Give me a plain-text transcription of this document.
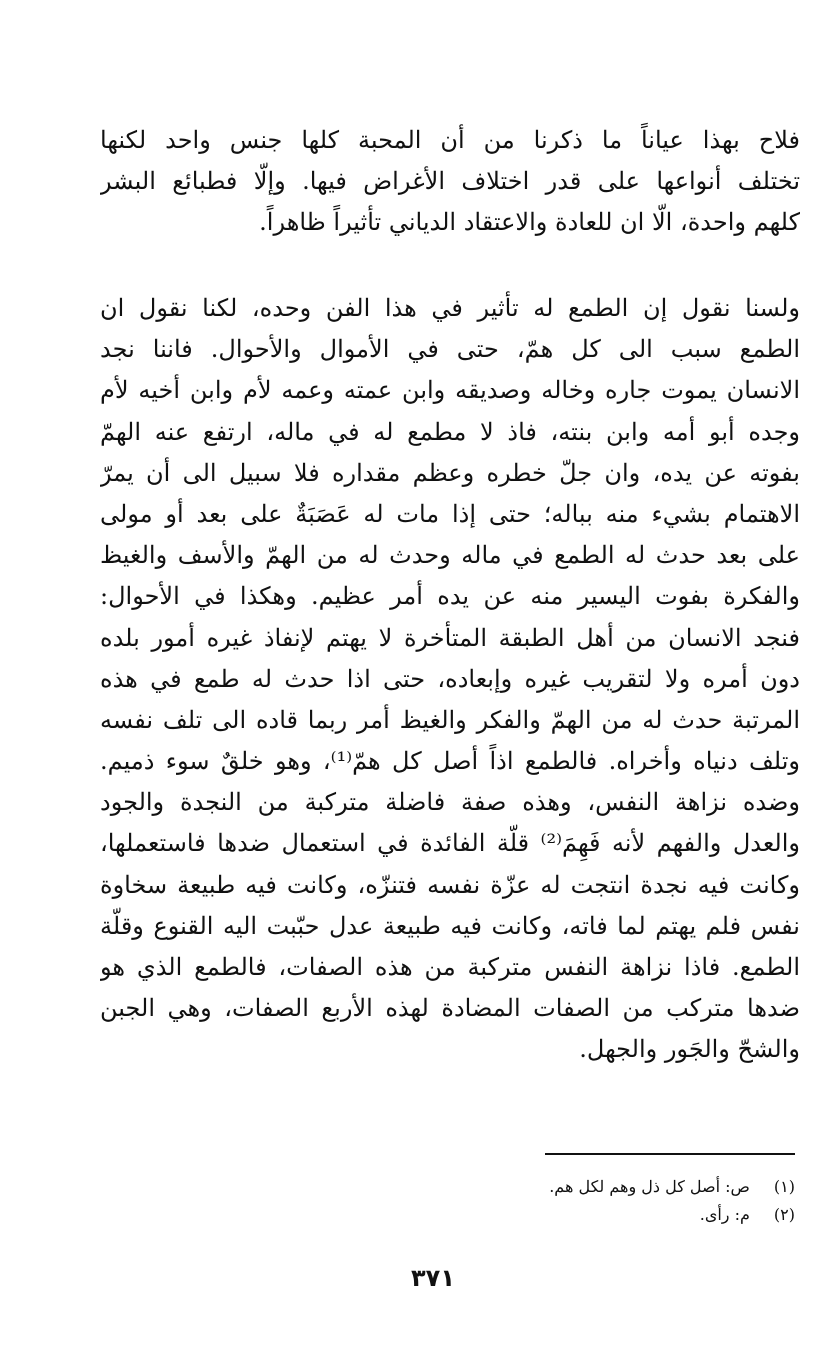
فلاح بهذا عياناً ما ذكرنا من أن المحبة كلها جنس واحد لكنها
تختلف أنواعها على قدر اختلاف الأغراض فيها. وإلّا فطبائع البشر
كلهم واحدة، الّا ان للعادة والاعتقاد الدياني تأثيراً ظاهراً.
ولسنا نقول إن الطمع له تأثير في هذا الفن وحده، لكنا نقول ان
الطمع سبب الى كل همّ، حتى في الأموال والأحوال. فاننا نجد
الانسان يموت جاره وخاله وصديقه وابن عمته وعمه لأم وابن أخيه لأم
وجده أبو أمه وابن بنته، فاذ لا مطمع له في ماله، ارتفع عنه الهمّ
بفوته عن يده، وان جلّ خطره وعظم مقداره فلا سبيل الى أن يمرّ
الاهتمام بشيء منه بباله؛ حتى إذا مات له عَصَبَةٌ على بعد أو مولى
على بعد حدث له الطمع في ماله وحدث له من الهمّ والأسف والغيظ
والفكرة بفوت اليسير منه عن يده أمر عظيم. وهكذا في الأحوال:
فنجد الانسان من أهل الطبقة المتأخرة لا يهتم لإنفاذ غيره أمور بلده
دون أمره ولا لتقريب غيره وإبعاده، حتى اذا حدث له طمع في هذه
المرتبة حدث له من الهمّ والفكر والغيظ أمر ربما قاده الى تلف نفسه
وتلف دنياه وأخراه. فالطمع اذاً أصل كل همّ⁽¹⁾، وهو خلقٌ سوء ذميم.
وضده نزاهة النفس، وهذه صفة فاضلة متركبة من النجدة والجود
والعدل والفهم لأنه فَهِمَ⁽²⁾ قلّة الفائدة في استعمال ضدها فاستعملها،
وكانت فيه نجدة انتجت له عزّة نفسه فتنزّه، وكانت فيه طبيعة سخاوة
نفس فلم يهتم لما فاته، وكانت فيه طبيعة عدل حبّبت اليه القنوع وقلّة
الطمع. فاذا نزاهة النفس متركبة من هذه الصفات، فالطمع الذي هو
ضدها متركب من الصفات المضادة لهذه الأربع الصفات، وهي الجبن
والشحّ والجَور والجهل.
(١) ص: أصل كل ذل وهم لكل هم.
(٢) م: رأى.
٣٧١
